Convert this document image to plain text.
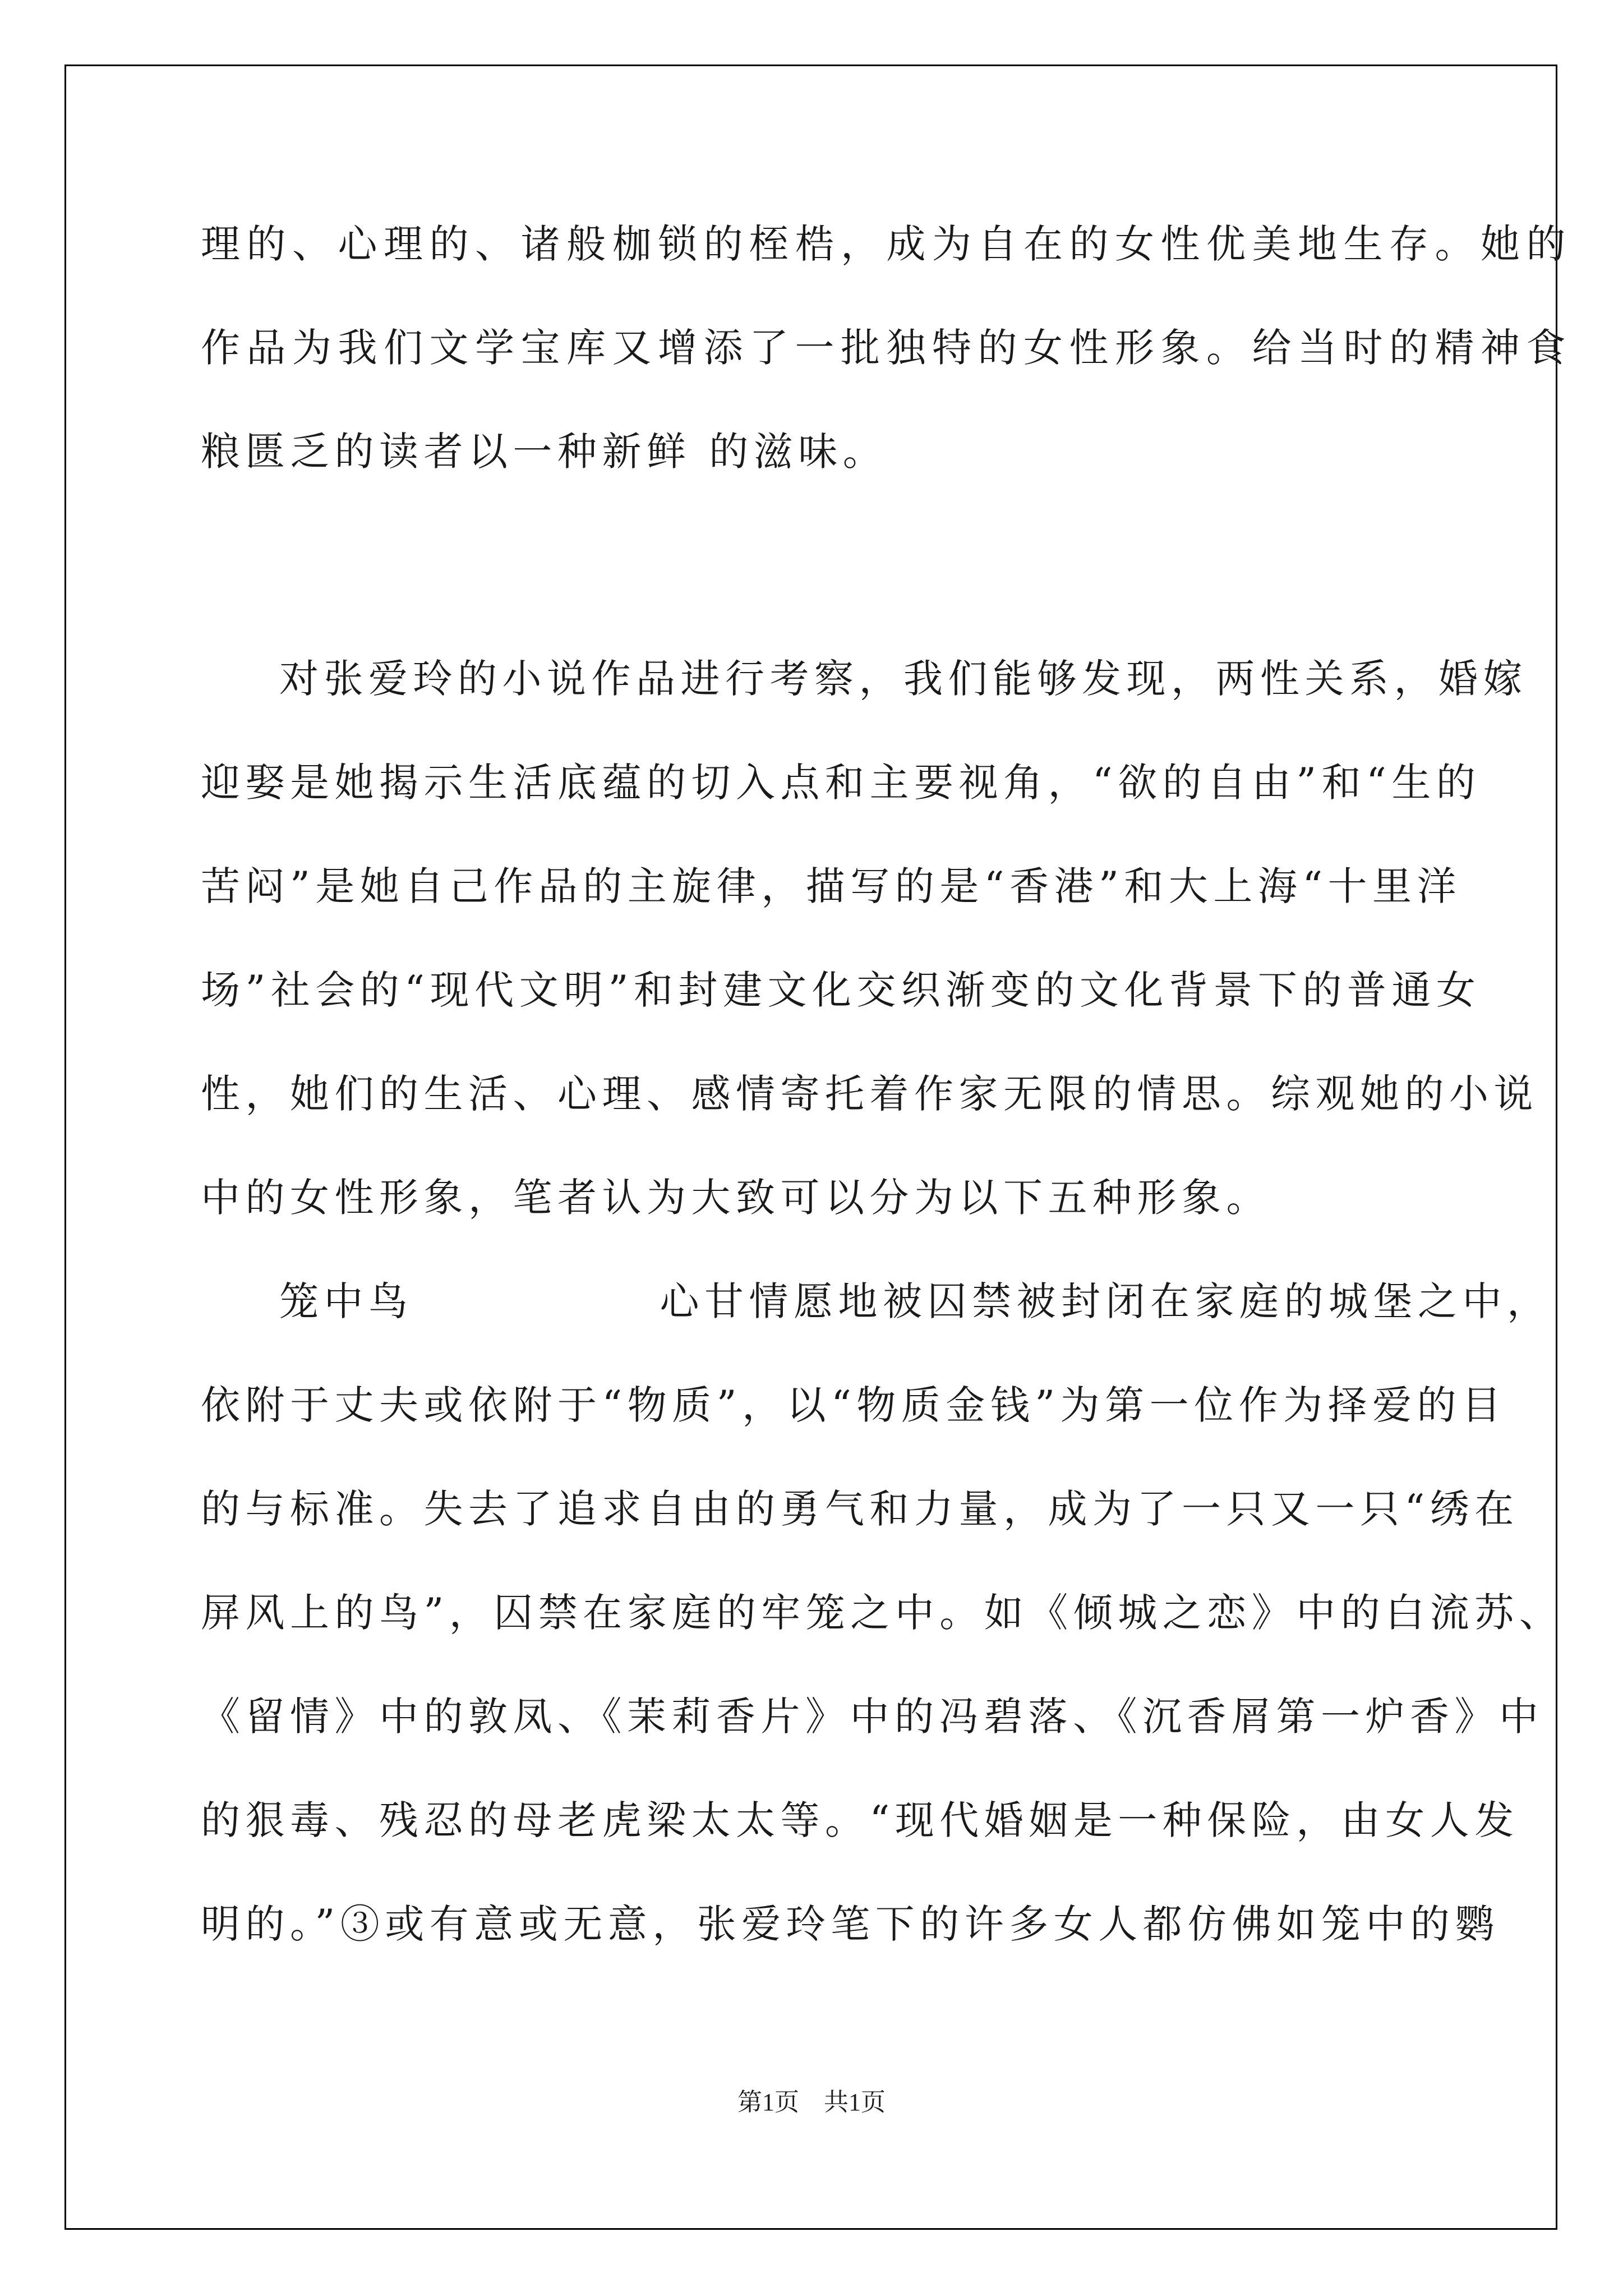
理的、心理的、诸般枷锁的桎梏，成为自在的女性优美地生存。她的

作品为我们文学宝库又增添了一批独特的女性形象。给当时的精神食

粮匮乏的读者以一种新鲜 的滋味。

对张爱玲的小说作品进行考察，我们能够发现，两性关系，婚嫁

迎娶是她揭示生活底蕴的切入点和主要视角，“欲的自由”和“生的

苦闷”是她自己作品的主旋律，描写的是“香港”和大上海“十里洋

场”社会的“现代文明”和封建文化交织渐变的文化背景下的普通女

性，她们的生活、心理、感情寄托着作家无限的情思。综观她的小说

中的女性形象，笔者认为大致可以分为以下五种形象。

笼中鸟	心甘情愿地被囚禁被封闭在家庭的城堡之中，

依附于丈夫或依附于“物质”，以“物质金钱”为第一位作为择爱的目

的与标准。失去了追求自由的勇气和力量，成为了一只又一只“绣在

屏风上的鸟”，囚禁在家庭的牢笼之中。如《倾城之恋》中的白流苏、

《留情》中的敦凤、《茉莉香片》中的冯碧落、《沉香屑第一炉香》中

的狠毒、残忍的母老虎梁太太等。“现代婚姻是一种保险，由女人发

明的。”③或有意或无意，张爱玲笔下的许多女人都仿佛如笼中的鹦

第1页　共1页
